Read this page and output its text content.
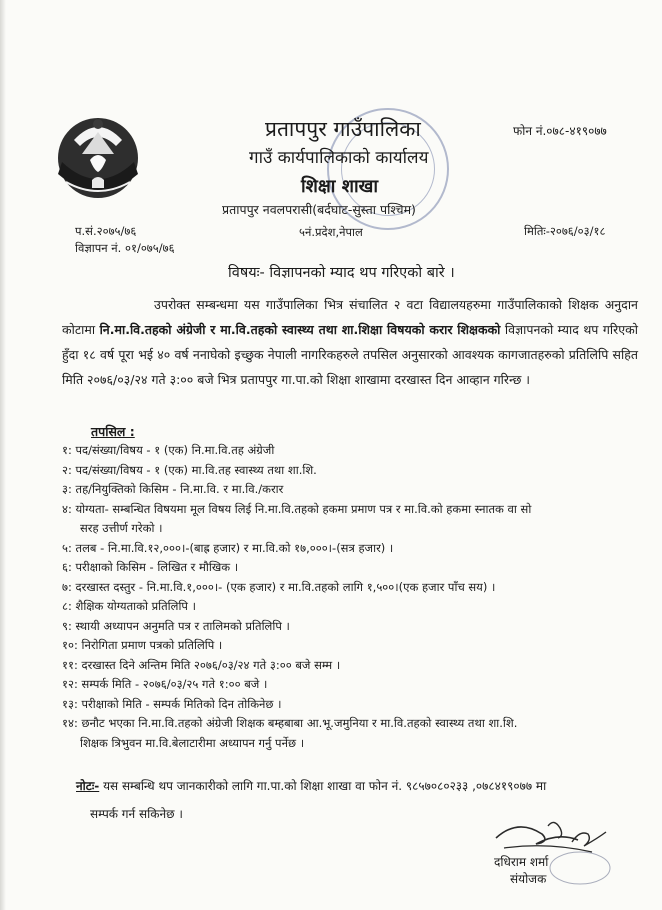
प्रतापपुर गाउँपालिका
गाउँ कार्यपालिकाको कार्यालय
शिक्षा शाखा
प्रतापपुर नवलपरासी(बर्दघाट-सुस्ता पश्चिम)
फोन नं.०७८-४१९०७७
प.सं.२०७५/७६	५नं.प्रदेश,नेपाल	मितिः-२०७६/०३/१८
विज्ञापन नं. ०१/०७५/७६
विषयः- विज्ञापनको म्याद थप गरिएको बारे ।
उपरोक्त सम्बन्धमा यस गाउँपालिका भित्र संचालित २ वटा विद्यालयहरुमा गाउँपालिकाको शिक्षक अनुदान कोटामा नि.मा.वि.तहको अंग्रेजी र मा.वि.तहको स्वास्थ्य तथा शा.शिक्षा विषयको करार शिक्षकको विज्ञापनको म्याद थप गरिएको हुँदा १८ वर्ष पूरा भई ४० वर्ष ननाघेको इच्छुक नेपाली नागरिकहरुले तपसिल अनुसारको आवश्यक कागजातहरुको प्रतिलिपि सहित मिति २०७६/०३/२४ गते ३:०० बजे भित्र प्रतापपुर गा.पा.को शिक्षा शाखामा दरखास्त दिन आव्हान गरिन्छ ।
तपसिल :
१: पद/संख्या/विषय - १ (एक) नि.मा.वि.तह अंग्रेजी
२: पद/संख्या/विषय - १ (एक) मा.वि.तह स्वास्थ्य तथा शा.शि.
३: तह/नियुक्तिको किसिम - नि.मा.वि. र मा.वि./करार
४: योग्यता- सम्बन्धित विषयमा मूल विषय लिई नि.मा.वि.तहको हकमा प्रमाण पत्र र मा.वि.को हकमा स्नातक वा सो
सरह उत्तीर्ण गरेको ।
५: तलब - नि.मा.वि.१२,०००।-(बाह्र हजार) र मा.वि.को १७,०००।-(सत्र हजार) ।
६: परीक्षाको किसिम - लिखित र मौखिक ।
७: दरखास्त दस्तुर - नि.मा.वि.१,०००।- (एक हजार) र मा.वि.तहको लागि १,५००।(एक हजार पाँच सय) ।
८: शैक्षिक योग्यताको प्रतिलिपि ।
९: स्थायी अध्यापन अनुमति पत्र र तालिमको प्रतिलिपि ।
१०: निरोगिता प्रमाण पत्रको प्रतिलिपि ।
११: दरखास्त दिने अन्तिम मिति २०७६/०३/२४ गते ३:०० बजे सम्म ।
१२: सम्पर्क मिति - २०७६/०३/२५ गते १:०० बजे ।
१३: परीक्षाको मिति - सम्पर्क मितिको दिन तोकिनेछ ।
१४: छनौट भएका नि.मा.वि.तहको अंग्रेजी शिक्षक बम्हबाबा आ.भू.जमुनिया र मा.वि.तहको स्वास्थ्य तथा शा.शि.
शिक्षक त्रिभुवन मा.वि.बेलाटारीमा अध्यापन गर्नु पर्नेछ ।
नोटः- यस सम्बन्धि थप जानकारीको लागि गा.पा.को शिक्षा शाखा वा फोन नं. ९८५७०८०२३३ ,०७८४१९०७७ मा
सम्पर्क गर्न सकिनेछ ।
दधिराम शर्मा
संयोजक
